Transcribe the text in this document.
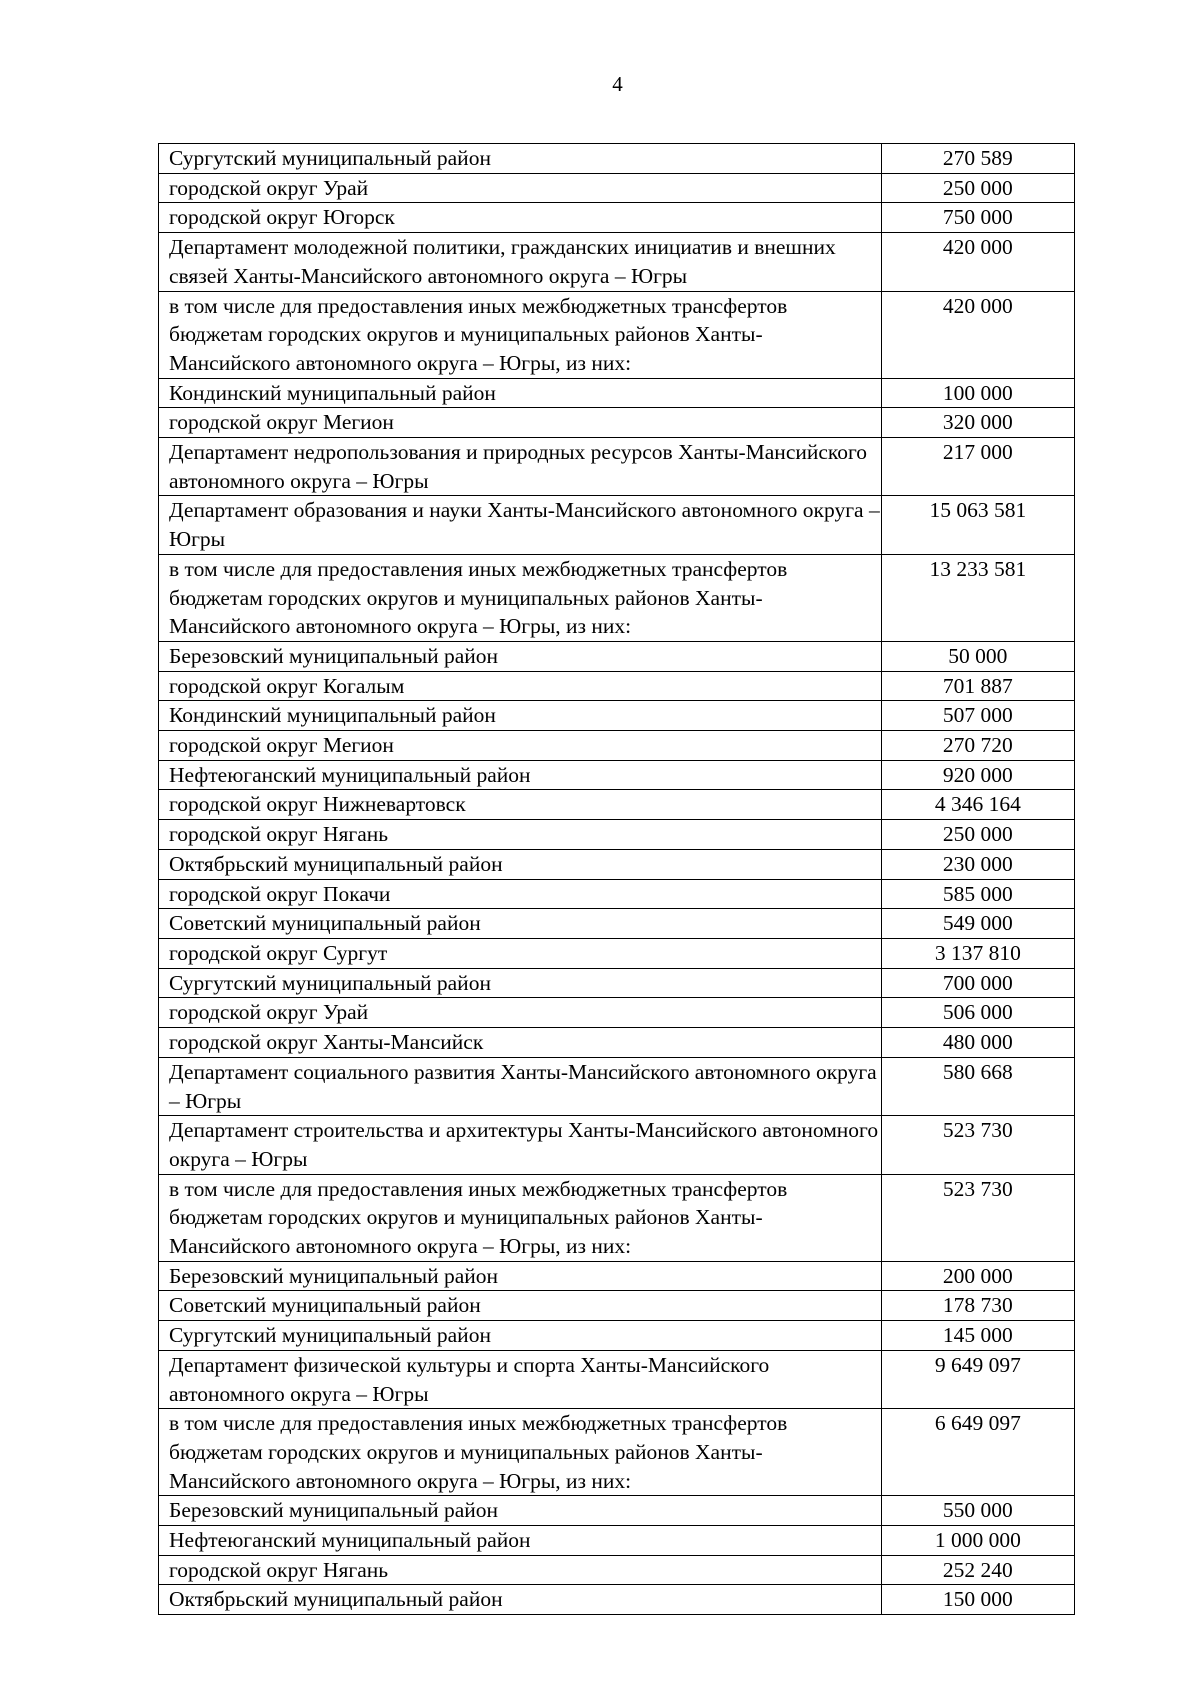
4
Сургутский муниципальный район	270 589
городской округ Урай	250 000
городской округ Югорск	750 000
Департамент молодежной политики, гражданских инициатив и внешних связей Ханты-Мансийского автономного округа – Югры	420 000
в том числе для предоставления иных межбюджетных трансфертов бюджетам городских округов и муниципальных районов Ханты-Мансийского автономного округа – Югры, из них:	420 000
Кондинский муниципальный район	100 000
городской округ Мегион	320 000
Департамент недропользования и природных ресурсов Ханты-Мансийского автономного округа – Югры	217 000
Департамент образования и науки Ханты-Мансийского автономного округа – Югры	15 063 581
в том числе для предоставления иных межбюджетных трансфертов бюджетам городских округов и муниципальных районов Ханты-Мансийского автономного округа – Югры, из них:	13 233 581
Березовский муниципальный район	50 000
городской округ Когалым	701 887
Кондинский муниципальный район	507 000
городской округ Мегион	270 720
Нефтеюганский муниципальный район	920 000
городской округ Нижневартовск	4 346 164
городской округ Нягань	250 000
Октябрьский муниципальный район	230 000
городской округ Покачи	585 000
Советский муниципальный район	549 000
городской округ Сургут	3 137 810
Сургутский муниципальный район	700 000
городской округ Урай	506 000
городской округ Ханты-Мансийск	480 000
Департамент социального развития Ханты-Мансийского автономного округа – Югры	580 668
Департамент строительства и архитектуры Ханты-Мансийского автономного округа – Югры	523 730
в том числе для предоставления иных межбюджетных трансфертов бюджетам городских округов и муниципальных районов Ханты-Мансийского автономного округа – Югры, из них:	523 730
Березовский муниципальный район	200 000
Советский муниципальный район	178 730
Сургутский муниципальный район	145 000
Департамент физической культуры и спорта Ханты-Мансийского автономного округа – Югры	9 649 097
в том числе для предоставления иных межбюджетных трансфертов бюджетам городских округов и муниципальных районов Ханты-Мансийского автономного округа – Югры, из них:	6 649 097
Березовский муниципальный район	550 000
Нефтеюганский муниципальный район	1 000 000
городской округ Нягань	252 240
Октябрьский муниципальный район	150 000
